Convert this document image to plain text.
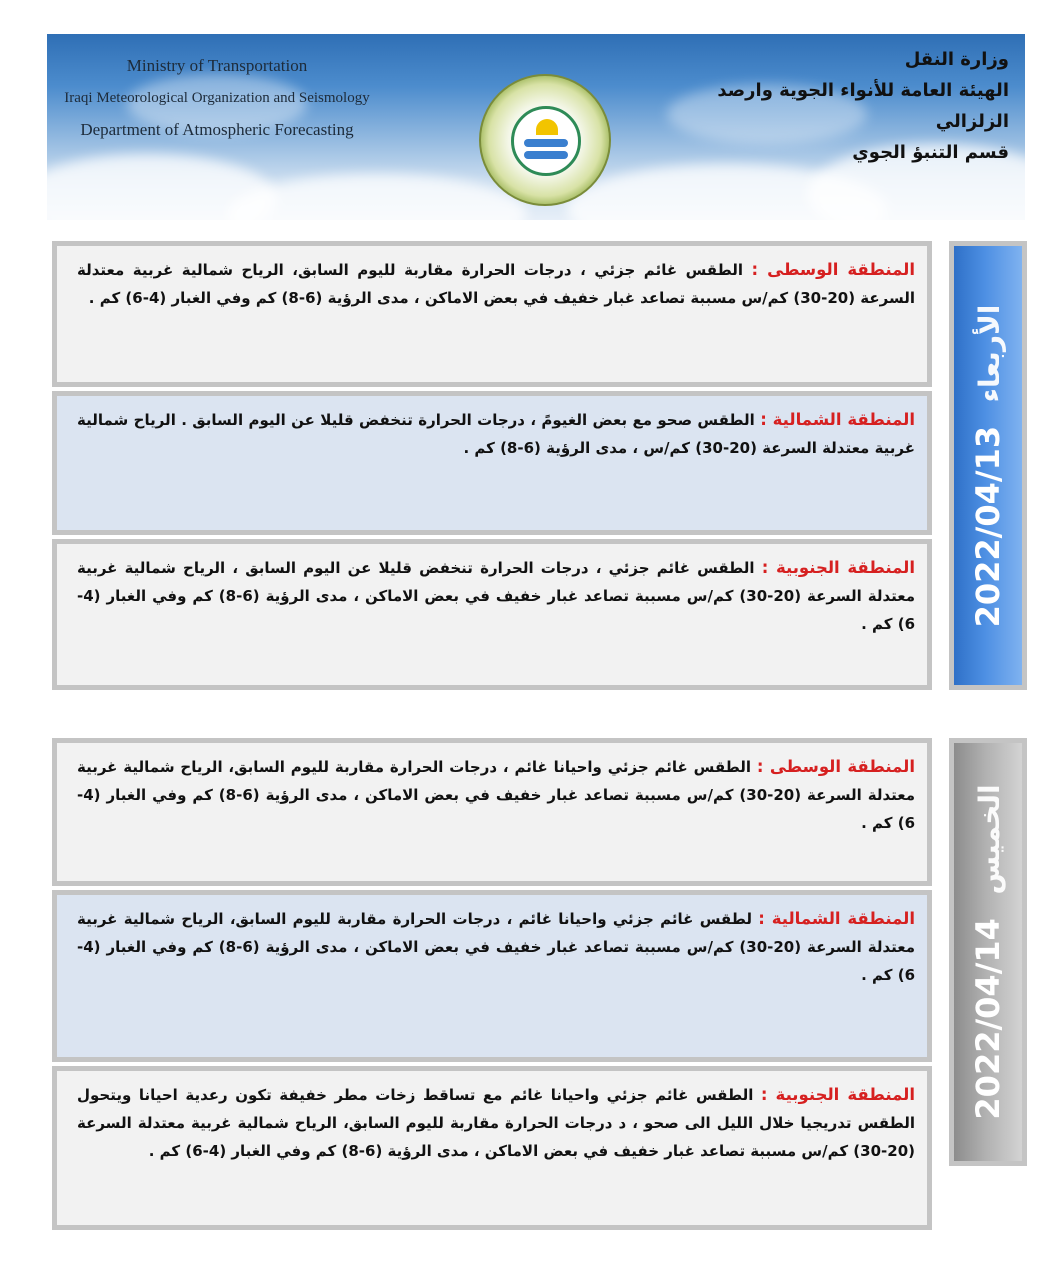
Ministry of Transportation
Iraqi Meteorological Organization and Seismology
Department of Atmospheric Forecasting
وزارة النقل
الهيئة العامة للأنواء الجوية وارصد الزلزالي
قسم التنبؤ الجوي
المنطقة الوسطى : الطقس غائم جزئي ، درجات الحرارة مقاربة لليوم السابق، الرياح شمالية غربية معتدلة السرعة (20-30) كم/س مسببة تصاعد غبار خفيف في بعض الاماكن ، مدى الرؤية (6-8) كم وفي الغبار (4-6) كم .
المنطقة الشمالية : الطقس صحو مع بعض الغيومً ، درجات الحرارة تنخفض قليلا عن اليوم السابق . الرياح شمالية غربية معتدلة السرعة (20-30) كم/س ، مدى الرؤية (6-8) كم .
المنطقة الجنوبية : الطقس غائم جزئي ، درجات الحرارة تنخفض قليلا عن اليوم السابق ، الرياح شمالية غربية معتدلة السرعة (20-30) كم/س مسببة تصاعد غبار خفيف في بعض الاماكن ، مدى الرؤية (6-8) كم وفي الغبار (4-6) كم .	2022/04/13 الأربعاء
المنطقة الوسطى : الطقس غائم جزئي واحيانا غائم ، درجات الحرارة مقاربة لليوم السابق، الرياح شمالية غربية معتدلة السرعة (20-30) كم/س مسببة تصاعد غبار خفيف في بعض الاماكن ، مدى الرؤية (6-8) كم وفي الغبار (4-6) كم .
المنطقة الشمالية : لطقس غائم جزئي واحيانا غائم ، درجات الحرارة مقاربة لليوم السابق، الرياح شمالية غربية معتدلة السرعة (20-30) كم/س مسببة تصاعد غبار خفيف في بعض الاماكن ، مدى الرؤية (6-8) كم وفي الغبار (4-6) كم .
المنطقة الجنوبية : الطقس غائم جزئي واحيانا غائم مع تساقط زخات مطر خفيفة تكون رعدية احيانا ويتحول الطقس تدريجيا خلال الليل الى صحو ، د درجات الحرارة مقاربة لليوم السابق، الرياح شمالية غربية معتدلة السرعة (20-30) كم/س مسببة تصاعد غبار خفيف في بعض الاماكن ، مدى الرؤية (6-8) كم وفي الغبار (4-6) كم .
2022/04/14 الخميس
